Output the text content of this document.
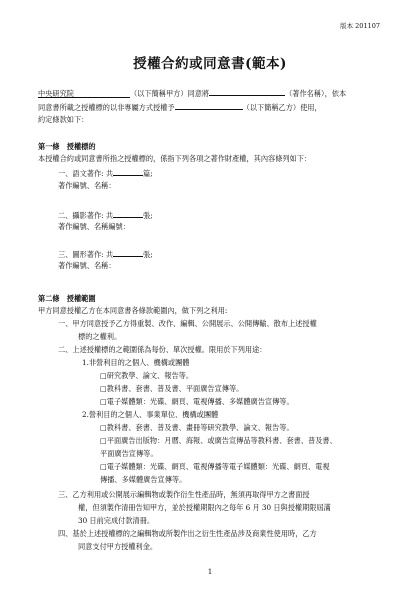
版本 201107
授權合約或同意書(範本)
中央研究院	（以下簡稱甲方）同意將	（著作名稱），依本
同意書所載之授權標的以非專屬方式授權予	（以下簡稱乙方）使用，
約定條款如下：
第一條　授權標的
本授權合約或同意書所指之授權標的，係指下列各項之著作財產權，其內容條列如下：
一、語文著作: 共	篇;
著作編號、名稱：
二、攝影著作: 共	張;
著作編號、名稱編號：
三、圖形著作: 共	張;
著作編號、名稱：
第二條　授權範圍
甲方同意授權乙方在本同意書各條款範圍內，做下列之利用:
一、甲方同意授予乙方得重製、改作、編輯、公開展示、公開傳輸、散布上述授權
標的之權利。
二、上述授權標的之範圍係為每份、單次授權。限用於下列用途：
1.非營利目的之個人、機構或團體
□研究教學、論文、報告等。
□教科書、套書、普及書、平面廣告宣傳等。
□電子媒體類：光碟、網頁、電視傳播、多媒體廣告宣傳等。
2.營利目的之個人、事業單位、機構或團體
□教科書、套書、普及書、畫冊等研究教學、論文、報告等。
□平面廣告出版物：月曆、海報、或廣告宣傳品等教科書、套書、普及書、
平面廣告宣傳等。
□電子媒體類：光碟、網頁、電視傳播等電子媒體類：光碟、網頁、電視
傳播、多媒體廣告宣傳等。
三、乙方利用或公開展示編輯物或製作衍生性產品時，無須再取得甲方之書面授
權，但須製作清冊告知甲方，並於授權期限內之每年 6 月 30 日與授權期限屆滿
30 日前完成付款清冊。
四、基於上述授權標的之編輯物或所製作出之衍生性產品涉及商業性使用時，乙方
同意支付甲方授權利金。
1
